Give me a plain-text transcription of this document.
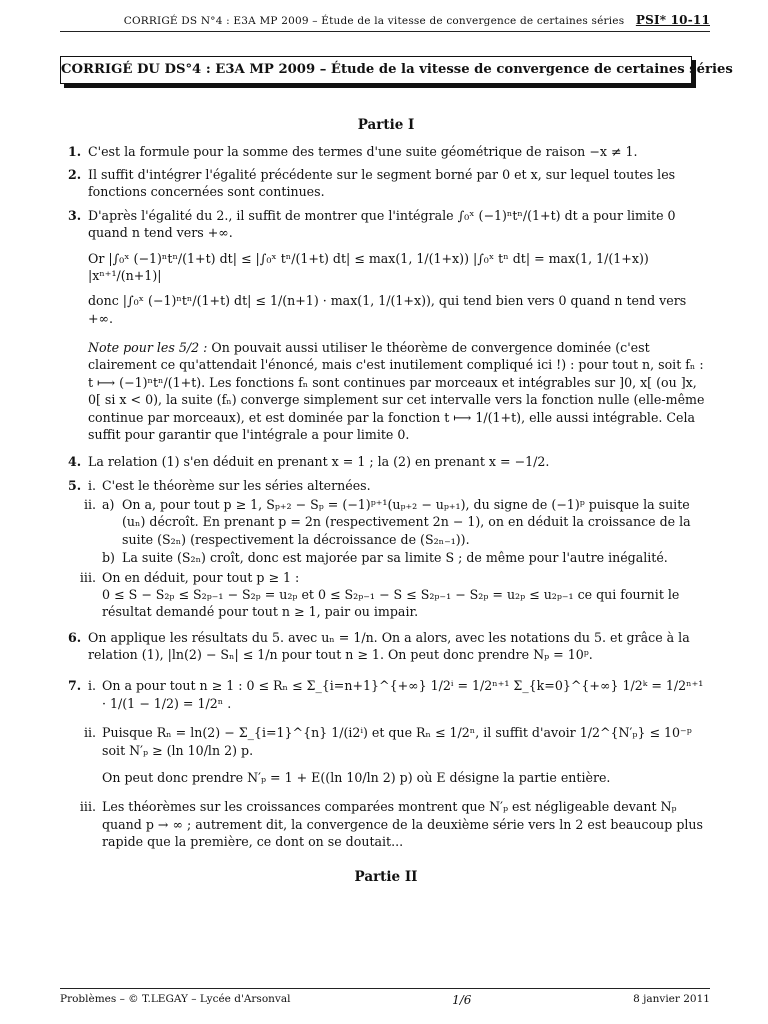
CORRIGÉ DS N°4 : E3A MP 2009 – Étude de la vitesse de convergence de certaines séries PSI* 10-11
CORRIGÉ DU DS°4 : E3A MP 2009 – Étude de la vitesse de convergence de certaines séries
Partie I
1. C'est la formule pour la somme des termes d'une suite géométrique de raison −x ≠ 1.
2. Il suffit d'intégrer l'égalité précédente sur le segment borné par 0 et x, sur lequel toutes les fonctions concernées sont continues.
3. D'après l'égalité du 2., il suffit de montrer que l'intégrale ∫₀ˣ (−1)ⁿtⁿ/(1+t) dt a pour limite 0 quand n tend vers +∞.
Or |∫₀ˣ (−1)ⁿtⁿ/(1+t) dt| ≤ |∫₀ˣ tⁿ/(1+t) dt| ≤ max(1, 1/(1+x)) |∫₀ˣ tⁿ dt| = max(1, 1/(1+x)) |xⁿ⁺¹/(n+1)|
donc |∫₀ˣ (−1)ⁿtⁿ/(1+t) dt| ≤ 1/(n+1) · max(1, 1/(1+x)), qui tend bien vers 0 quand n tend vers +∞.
Note pour les 5/2 : On pouvait aussi utiliser le théorème de convergence dominée (c'est clairement ce qu'attendait l'énoncé, mais c'est inutilement compliqué ici !) : pour tout n, soit fₙ : t ⟼ (−1)ⁿtⁿ/(1+t). Les fonctions fₙ sont continues par morceaux et intégrables sur ]0, x[ (ou ]x, 0[ si x < 0), la suite (fₙ) converge simplement sur cet intervalle vers la fonction nulle (elle-même continue par morceaux), et est dominée par la fonction t ⟼ 1/(1+t), elle aussi intégrable. Cela suffit pour garantir que l'intégrale a pour limite 0.
4. La relation (1) s'en déduit en prenant x = 1 ; la (2) en prenant x = −1/2.
5. i. C'est le théorème sur les séries alternées.
ii. a) On a, pour tout p ≥ 1, Sₚ₊₂ − Sₚ = (−1)ᵖ⁺¹(uₚ₊₂ − uₚ₊₁), du signe de (−1)ᵖ puisque la suite (uₙ) décroît. En prenant p = 2n (respectivement 2n − 1), on en déduit la croissance de la suite (S₂ₙ) (respectivement la décroissance de (S₂ₙ₋₁)).
b) La suite (S₂ₙ) croît, donc est majorée par sa limite S ; de même pour l'autre inégalité.
iii. On en déduit, pour tout p ≥ 1 :
0 ≤ S − S₂ₚ ≤ S₂ₚ₋₁ − S₂ₚ = u₂ₚ et 0 ≤ S₂ₚ₋₁ − S ≤ S₂ₚ₋₁ − S₂ₚ = u₂ₚ ≤ u₂ₚ₋₁ ce qui fournit le résultat demandé pour tout n ≥ 1, pair ou impair.
6. On applique les résultats du 5. avec uₙ = 1/n. On a alors, avec les notations du 5. et grâce à la relation (1), |ln(2) − Sₙ| ≤ 1/n pour tout n ≥ 1. On peut donc prendre Nₚ = 10ᵖ.
7. i. On a pour tout n ≥ 1 : 0 ≤ Rₙ ≤ Σ_{i=n+1}^{+∞} 1/2ⁱ = 1/2ⁿ⁺¹ Σ_{k=0}^{+∞} 1/2ᵏ = 1/2ⁿ⁺¹ · 1/(1 − 1/2) = 1/2ⁿ .
ii. Puisque Rₙ = ln(2) − Σ_{i=1}^{n} 1/(i2ⁱ) et que Rₙ ≤ 1/2ⁿ, il suffit d'avoir 1/2^{N′ₚ} ≤ 10⁻ᵖ soit N′ₚ ≥ (ln 10/ln 2) p.
On peut donc prendre N′ₚ = 1 + E((ln 10/ln 2) p) où E désigne la partie entière.
iii. Les théorèmes sur les croissances comparées montrent que N′ₚ est négligeable devant Nₚ quand p → ∞ ; autrement dit, la convergence de la deuxième série vers ln 2 est beaucoup plus rapide que la première, ce dont on se doutait...
Partie II
Problèmes – © T.LEGAY – Lycée d'Arsonval	1/6	8 janvier 2011
